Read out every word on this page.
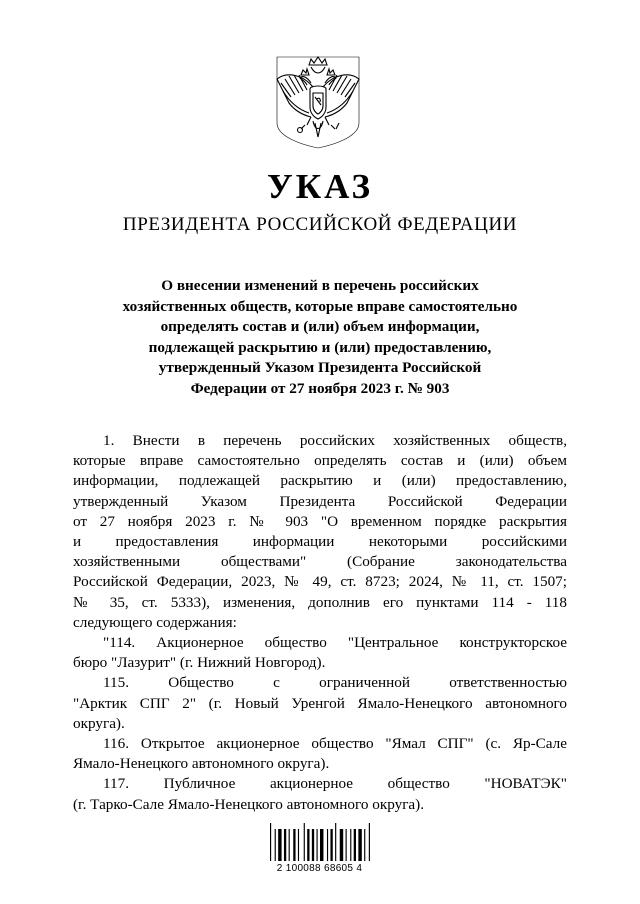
УКАЗ
ПРЕЗИДЕНТА РОССИЙСКОЙ ФЕДЕРАЦИИ
О внесении изменений в перечень российских
хозяйственных обществ, которые вправе самостоятельно
определять состав и (или) объем информации,
подлежащей раскрытию и (или) предоставлению,
утвержденный Указом Президента Российской
Федерации от 27 ноября 2023 г. № 903
1. Внести в перечень российских хозяйственных обществ,
которые вправе самостоятельно определять состав и (или) объем
информации, подлежащей раскрытию и (или) предоставлению,
утвержденный Указом Президента Российской Федерации
от 27 ноября 2023 г. № 903 "О временном порядке раскрытия
и предоставления информации некоторыми российскими
хозяйственными обществами" (Собрание законодательства
Российской Федерации, 2023, № 49, ст. 8723; 2024, № 11, ст. 1507;
№ 35, ст. 5333), изменения, дополнив его пунктами 114 - 118
следующего содержания:
"114. Акционерное общество "Центральное конструкторское
бюро "Лазурит" (г. Нижний Новгород).
115. Общество с ограниченной ответственностью
"Арктик СПГ 2" (г. Новый Уренгой Ямало-Ненецкого автономного
округа).
116. Открытое акционерное общество "Ямал СПГ" (с. Яр-Сале
Ямало-Ненецкого автономного округа).
117. Публичное акционерное общество "НОВАТЭК"
(г. Тарко-Сале Ямало-Ненецкого автономного округа).
2 100088 68605 4
